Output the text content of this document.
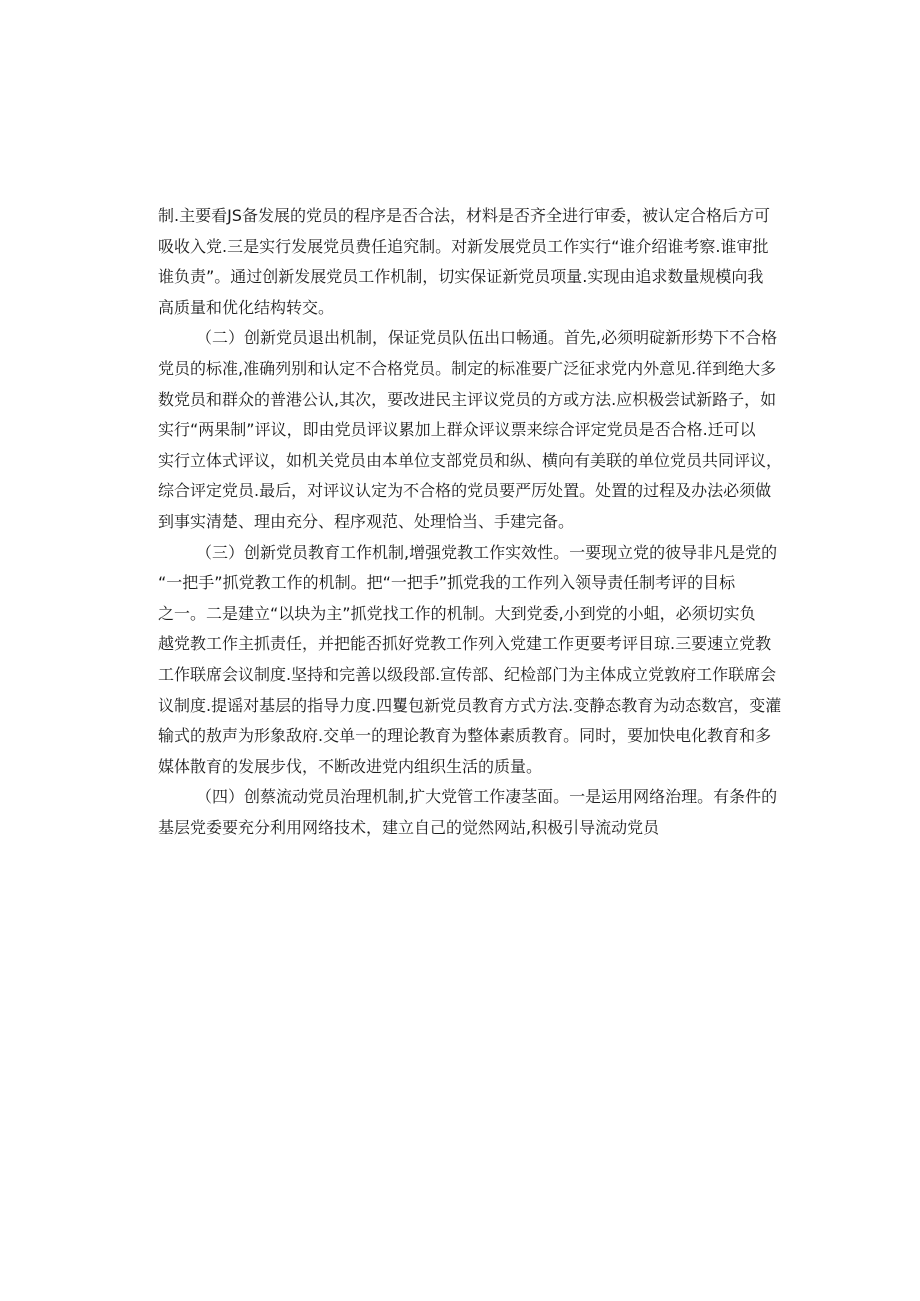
制.主要看JS备发展的党员的程序是否合法，材料是否齐全进行审委，被认定合格后方可
吸收入党.三是实行发展党员费任追究制。对新发展党员工作实行“谁介绍谁考察.谁审批
谁负责”。通过创新发展党员工作机制，切实保证新党员项量.实现由追求数量规模向我
高质量和优化结构转交。

（二）创新党员退出机制，保证党员队伍出口畅通。首先,必须明碇新形势下不合格
党员的标准,准确列别和认定不合格党员。制定的标准要广泛征求党内外意见.徉到绝大多
数党员和群众的普港公认,其次，要改进民主评议党员的方或方法.应枳极尝试新路子，如
实行“两果制”评议，即由党员评议累加上群众评议票来综合评定党员是否合格.迁可以
实行立体式评议，如机关党员由本单位支部党员和纵、横向有美联的单位党员共同评议，
综合评定党员.最后，对评议认定为不合格的党员要严厉处置。处置的过程及办法必须做
到事实清楚、理由充分、程序观范、处理恰当、手建完备。

（三）创新党员教育工作机制,增强党教工作实效性。一要现立党的彼导非凡是党的
“一把手”抓党教工作的机制。把“一把手”抓党我的工作列入领导责任制考评的目标
之一。二是建立“以块为主”抓党找工作的机制。大到党委,小到党的小蛆，必须切实负
越党教工作主抓责任，并把能否抓好党教工作列入党建工作更要考评目琼.三要速立党教
工作联席会议制度.坚持和完善以级段部.宣传部、纪检部门为主体成立党敦府工作联席会
议制度.提谣对基层的指导力度.四矍包新党员教育方式方法.变静态教育为动态数宫，变灌
输式的敖声为形象敌府.交单一的理论教育为整体素质教育。同时，要加快电化教育和多
媒体散育的发展步伐，不断改进党内组织生活的质量。

（四）创蔡流动党员治理机制,扩大党管工作凄茎面。一是运用网络治理。有条件的
基层党委要充分利用网络技术，建立自己的觉然网站,积极引导流动党员
